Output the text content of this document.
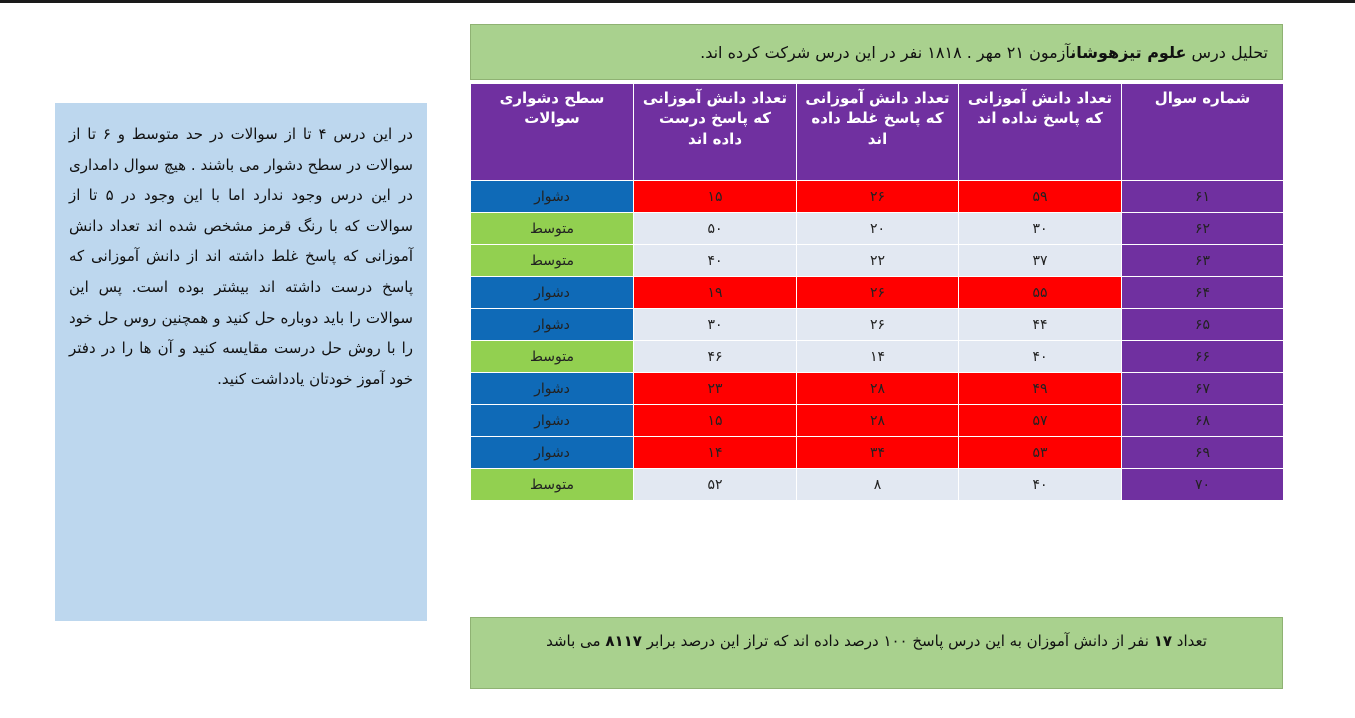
تحلیل درس علوم تیزهوشانآزمون ۲۱ مهر . ۱۸۱۸ نفر در این درس شرکت کرده اند.
شماره سوال	تعداد دانش آموزانی که پاسخ نداده اند	تعداد دانش آموزانی که پاسخ غلط داده اند	تعداد دانش آموزانی که پاسخ درست داده اند	سطح دشواری سوالات
۶۱	۵۹	۲۶	۱۵	دشوار
۶۲	۳۰	۲۰	۵۰	متوسط
۶۳	۳۷	۲۲	۴۰	متوسط
۶۴	۵۵	۲۶	۱۹	دشوار
۶۵	۴۴	۲۶	۳۰	دشوار
۶۶	۴۰	۱۴	۴۶	متوسط
۶۷	۴۹	۲۸	۲۳	دشوار
۶۸	۵۷	۲۸	۱۵	دشوار
۶۹	۵۳	۳۴	۱۴	دشوار
۷۰	۴۰	۸	۵۲	متوسط
در این درس ۴ تا از سوالات در حد متوسط و ۶ تا از سوالات در سطح دشوار می باشند . هیچ سوال دامداری در این درس وجود ندارد اما با این وجود در ۵ تا از سوالات که با رنگ قرمز مشخص شده اند تعداد دانش آموزانی که پاسخ غلط داشته اند از دانش آموزانی که پاسخ درست داشته اند بیشتر بوده است. پس این سوالات را باید دوباره حل کنید و همچنین روس حل خود را با روش حل درست مقایسه کنید و آن ها را در دفتر خود آموز خودتان یادداشت کنید.
تعداد ۱۷ نفر از دانش آموزان به این درس پاسخ ۱۰۰ درصد داده اند که تراز این درصد برابر ۸۱۱۷ می باشد
